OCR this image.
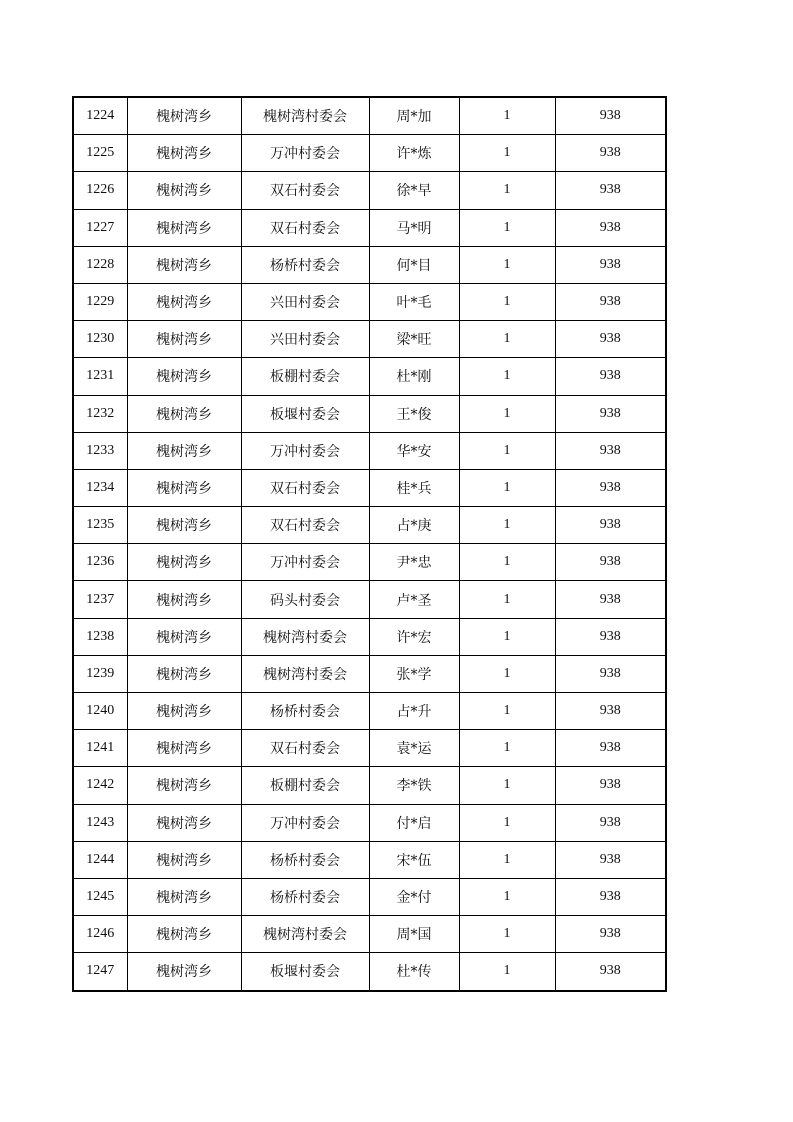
1224	槐树湾乡	槐树湾村委会	周*加	1	938
1225	槐树湾乡	万冲村委会	许*炼	1	938
1226	槐树湾乡	双石村委会	徐*早	1	938
1227	槐树湾乡	双石村委会	马*明	1	938
1228	槐树湾乡	杨桥村委会	何*目	1	938
1229	槐树湾乡	兴田村委会	叶*毛	1	938
1230	槐树湾乡	兴田村委会	梁*旺	1	938
1231	槐树湾乡	板棚村委会	杜*刚	1	938
1232	槐树湾乡	板堰村委会	王*俊	1	938
1233	槐树湾乡	万冲村委会	华*安	1	938
1234	槐树湾乡	双石村委会	桂*兵	1	938
1235	槐树湾乡	双石村委会	占*庚	1	938
1236	槐树湾乡	万冲村委会	尹*忠	1	938
1237	槐树湾乡	码头村委会	卢*圣	1	938
1238	槐树湾乡	槐树湾村委会	许*宏	1	938
1239	槐树湾乡	槐树湾村委会	张*学	1	938
1240	槐树湾乡	杨桥村委会	占*升	1	938
1241	槐树湾乡	双石村委会	袁*运	1	938
1242	槐树湾乡	板棚村委会	李*铁	1	938
1243	槐树湾乡	万冲村委会	付*启	1	938
1244	槐树湾乡	杨桥村委会	宋*伍	1	938
1245	槐树湾乡	杨桥村委会	金*付	1	938
1246	槐树湾乡	槐树湾村委会	周*国	1	938
1247	槐树湾乡	板堰村委会	杜*传	1	938
